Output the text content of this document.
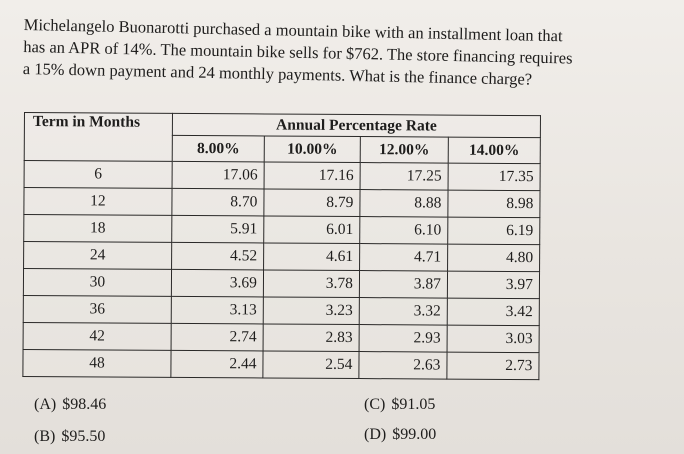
Michelangelo Buonarotti purchased a mountain bike with an installment loan that

has an APR of 14%. The mountain bike sells for $762. The store financing requires

a 15% down payment and 24 monthly payments. What is the finance charge?

Term in Months	Annual Percentage Rate			
	8.00%	10.00%	12.00%	14.00%
6	17.06	17.16	17.25	17.35
12	8.70	8.79	8.88	8.98
18	5.91	6.01	6.10	6.19
24	4.52	4.61	4.71	4.80
30	3.69	3.78	3.87	3.97
36	3.13	3.23	3.32	3.42
42	2.74	2.83	2.93	3.03
48	2.44	2.54	2.63	2.73
(A) $98.46
(B) $95.50
(C) $91.05
(D) $99.00
